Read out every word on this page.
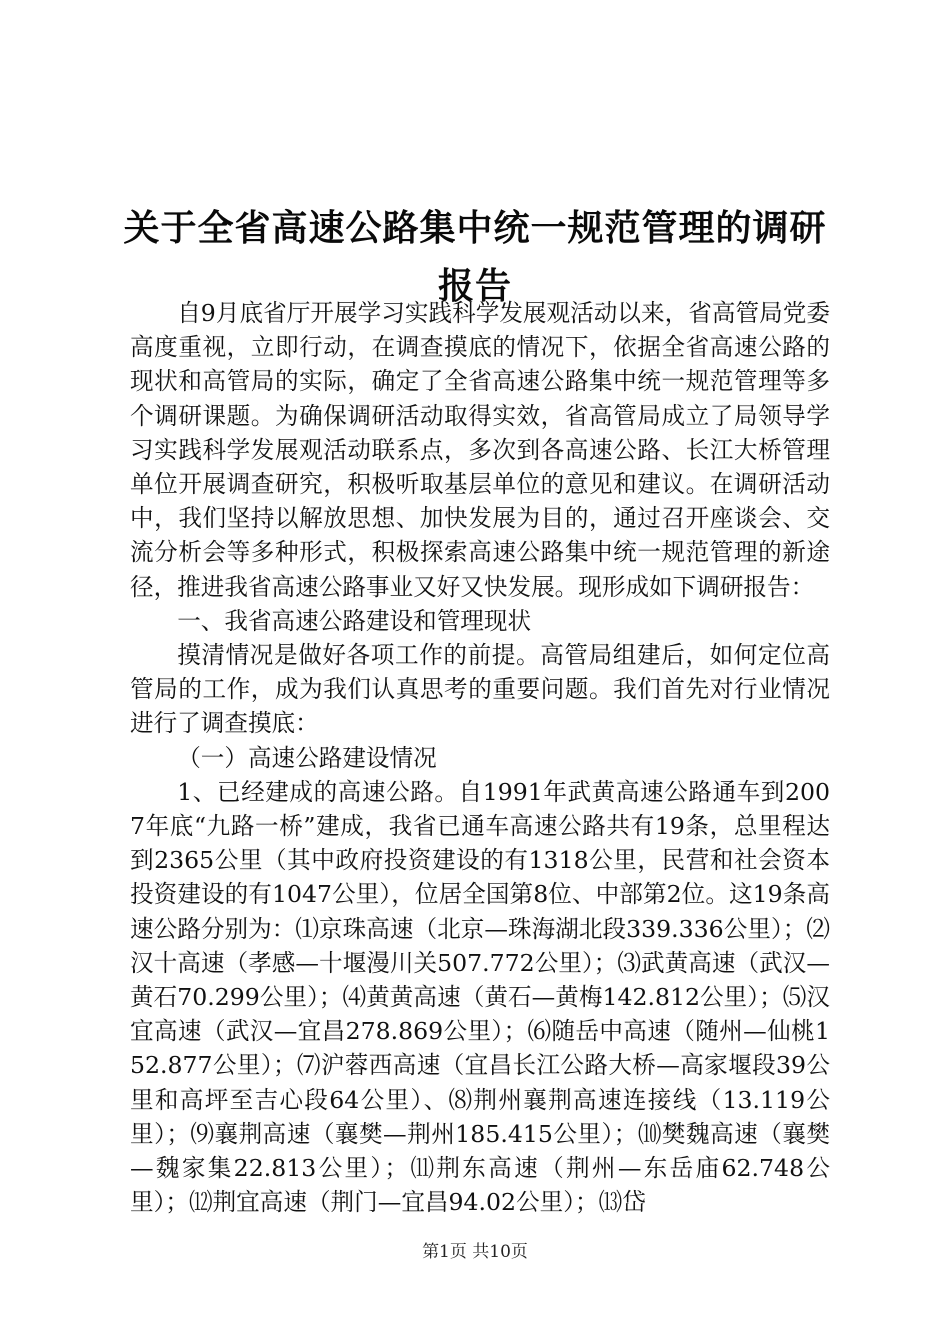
关于全省高速公路集中统一规范管理的调研报告

自9月底省厅开展学习实践科学发展观活动以来，省高管局党委高度重视，立即行动，在调查摸底的情况下，依据全省高速公路的现状和高管局的实际，确定了全省高速公路集中统一规范管理等多个调研课题。为确保调研活动取得实效，省高管局成立了局领导学习实践科学发展观活动联系点，多次到各高速公路、长江大桥管理单位开展调查研究，积极听取基层单位的意见和建议。在调研活动中，我们坚持以解放思想、加快发展为目的，通过召开座谈会、交流分析会等多种形式，积极探索高速公路集中统一规范管理的新途径，推进我省高速公路事业又好又快发展。现形成如下调研报告：

一、我省高速公路建设和管理现状

摸清情况是做好各项工作的前提。高管局组建后，如何定位高管局的工作，成为我们认真思考的重要问题。我们首先对行业情况进行了调查摸底：

（一）高速公路建设情况

1、已经建成的高速公路。自1991年武黄高速公路通车到2007年底“九路一桥”建成，我省已通车高速公路共有19条，总里程达到2365公里（其中政府投资建设的有1318公里，民营和社会资本投资建设的有1047公里），位居全国第8位、中部第2位。这19条高速公路分别为：⑴京珠高速（北京—珠海湖北段339.336公里）；⑵汉十高速（孝感—十堰漫川关507.772公里）；⑶武黄高速（武汉—黄石70.299公里）；⑷黄黄高速（黄石—黄梅142.812公里）；⑸汉宜高速（武汉—宜昌278.869公里）；⑹随岳中高速（随州—仙桃152.877公里）；⑺沪蓉西高速（宜昌长江公路大桥—高家堰段39公里和高坪至吉心段64公里）、⑻荆州襄荆高速连接线（13.119公里）；⑼襄荆高速（襄樊—荆州185.415公里）；⑽樊魏高速（襄樊—魏家集22.813公里）；⑾荆东高速（荆州—东岳庙62.748公里）；⑿荆宜高速（荆门—宜昌94.02公里）；⒀岱

第1页 共10页
